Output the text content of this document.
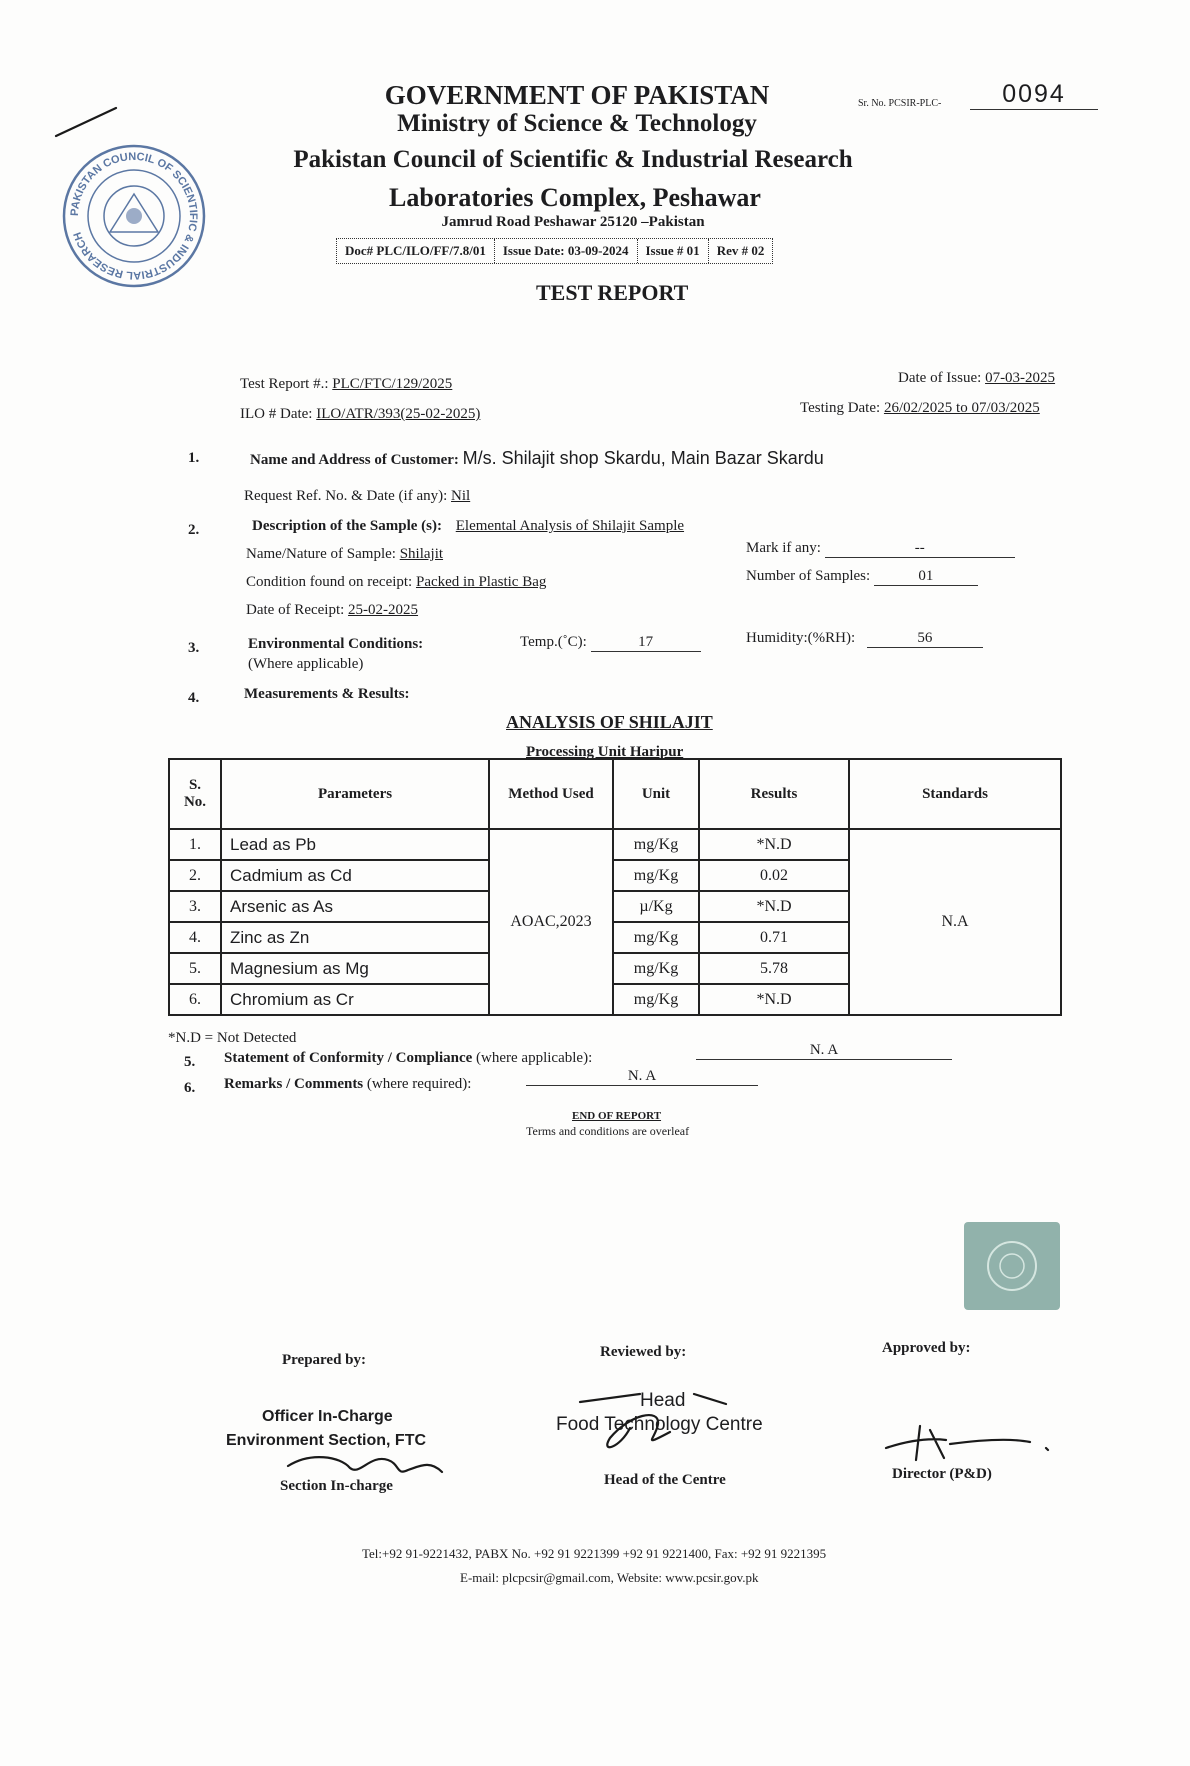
PAKISTAN COUNCIL OF SCIENTIFIC & INDUSTRIAL RESEARCH
GOVERNMENT OF PAKISTAN
Ministry of Science & Technology
Pakistan Council of Scientific & Industrial Research
Laboratories Complex, Peshawar
Jamrud Road Peshawar 25120 –Pakistan
Sr. No. PCSIR-PLC-	0094
Doc# PLC/ILO/FF/7.8/01	Issue Date: 03-09-2024	Issue # 01	Rev # 02
TEST REPORT
Test Report #.: PLC/FTC/129/2025
ILO # Date: ILO/ATR/393(25-02-2025)
Date of Issue: 07-03-2025
Testing Date: 26/02/2025 to 07/03/2025
1.	Name and Address of Customer: M/s. Shilajit shop Skardu, Main Bazar Skardu
Request Ref. No. & Date (if any): Nil
2.	Description of the Sample (s): Elemental Analysis of Shilajit Sample
Name/Nature of Sample: Shilajit
Condition found on receipt: Packed in Plastic Bag
Date of Receipt: 25-02-2025
Mark if any:	--
Number of Samples:	01
3.	Environmental Conditions:
(Where applicable)
Temp.(˚C):	17	Humidity:(%RH):	56
4.	Measurements & Results:
ANALYSIS OF SHILAJIT
Processing Unit Haripur
S. No.	Parameters	Method Used	Unit	Results	Standards
1.	Lead as Pb	AOAC,2023	mg/Kg	*N.D	N.A
2.	Cadmium as Cd		mg/Kg	0.02	
3.	Arsenic as As		µ/Kg	*N.D	
4.	Zinc as Zn		mg/Kg	0.71	
5.	Magnesium as Mg		mg/Kg	5.78	
6.	Chromium as Cr		mg/Kg	*N.D	
*N.D = Not Detected
5. Statement of Conformity / Compliance (where applicable):	N. A
6. Remarks / Comments (where required):	N. A
END OF REPORT
Terms and conditions are overleaf
Prepared by:	Reviewed by:	Approved by:
Officer In-Charge
Environment Section, FTC
Section In-charge
Head
Food Technology Centre
Head of the Centre	Director (P&D)
Tel:+92 91-9221432, PABX No. +92 91 9221399 +92 91 9221400, Fax: +92 91 9221395
E-mail: plcpcsir@gmail.com, Website: www.pcsir.gov.pk
